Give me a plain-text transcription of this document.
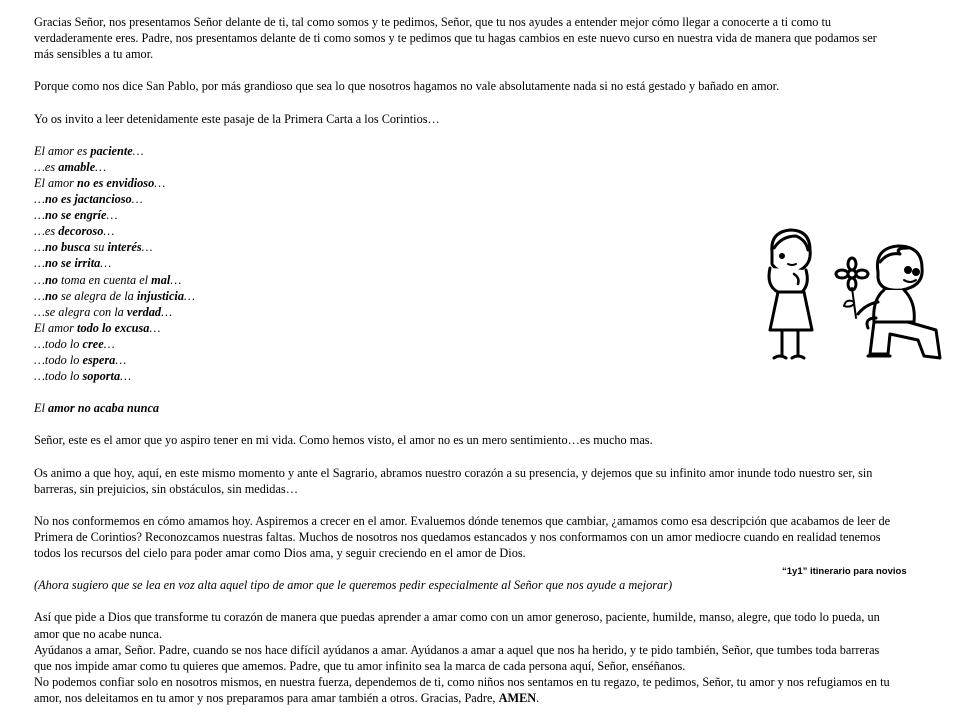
Gracias Señor, nos presentamos Señor delante de ti, tal como somos y te pedimos, Señor, que tu nos ayudes a entender mejor cómo llegar a conocerte a ti como tu verdaderamente eres. Padre, nos presentamos delante de ti como somos y te pedimos que tu hagas cambios en este nuevo curso en nuestra vida de manera que podamos ser más sensibles a tu amor.

Porque como nos dice San Pablo, por más grandioso que sea lo que nosotros hagamos no vale absolutamente nada si no está gestado y bañado en amor.

Yo os invito a leer detenidamente este pasaje de la Primera Carta a los Corintios…

El amor es paciente…
…es amable…
El amor no es envidioso…
…no es jactancioso…
…no se engríe…
…es decoroso…
…no busca su interés…
…no se irrita…
…no toma en cuenta el mal…
…no se alegra de la injusticia…
…se alegra con la verdad…
El amor todo lo excusa…
…todo lo cree…
…todo lo espera…
…todo lo soporta…
El amor no acaba nunca

Señor, este es el amor que yo aspiro tener en mi vida. Como hemos visto, el amor no es un mero sentimiento…es mucho mas.

Os animo a que hoy, aquí, en este mismo momento y ante el Sagrario, abramos nuestro corazón a su presencia, y dejemos que su infinito amor inunde todo nuestro ser, sin barreras, sin prejuicios, sin obstáculos, sin medidas…

No nos conformemos en cómo amamos hoy. Aspiremos a crecer en el amor. Evaluemos dónde tenemos que cambiar, ¿amamos como esa descripción que acabamos de leer de Primera de Corintios? Reconozcamos nuestras faltas. Muchos de nosotros nos quedamos estancados y nos conformamos con un amor mediocre cuando en realidad tenemos todos los recursos del cielo para poder amar como Dios ama, y seguir creciendo en el amor de Dios.

(Ahora sugiero que se lea en voz alta aquel tipo de amor que le queremos pedir especialmente al Señor que nos ayude a mejorar)

Así que pide a Dios que transforme tu corazón de manera que puedas aprender a amar como con un amor generoso, paciente, humilde, manso, alegre, que todo lo pueda, un amor que no acabe nunca.

Ayúdanos a amar, Señor. Padre, cuando se nos hace difícil ayúdanos a amar. Ayúdanos a amar a aquel que nos ha herido, y te pido también, Señor, que tumbes toda barreras que nos impide amar como tu quieres que amemos. Padre, que tu amor infinito sea la marca de cada persona aquí, Señor, enséñanos.

No podemos confiar solo en nosotros mismos, en nuestra fuerza, dependemos de ti, como niños nos sentamos en tu regazo, te pedimos, Señor, tu amor y nos refugiamos en tu amor, nos deleitamos en tu amor y nos preparamos para amar también a otros. Gracias, Padre, AMEN.

“1y1” itinerario para novios
